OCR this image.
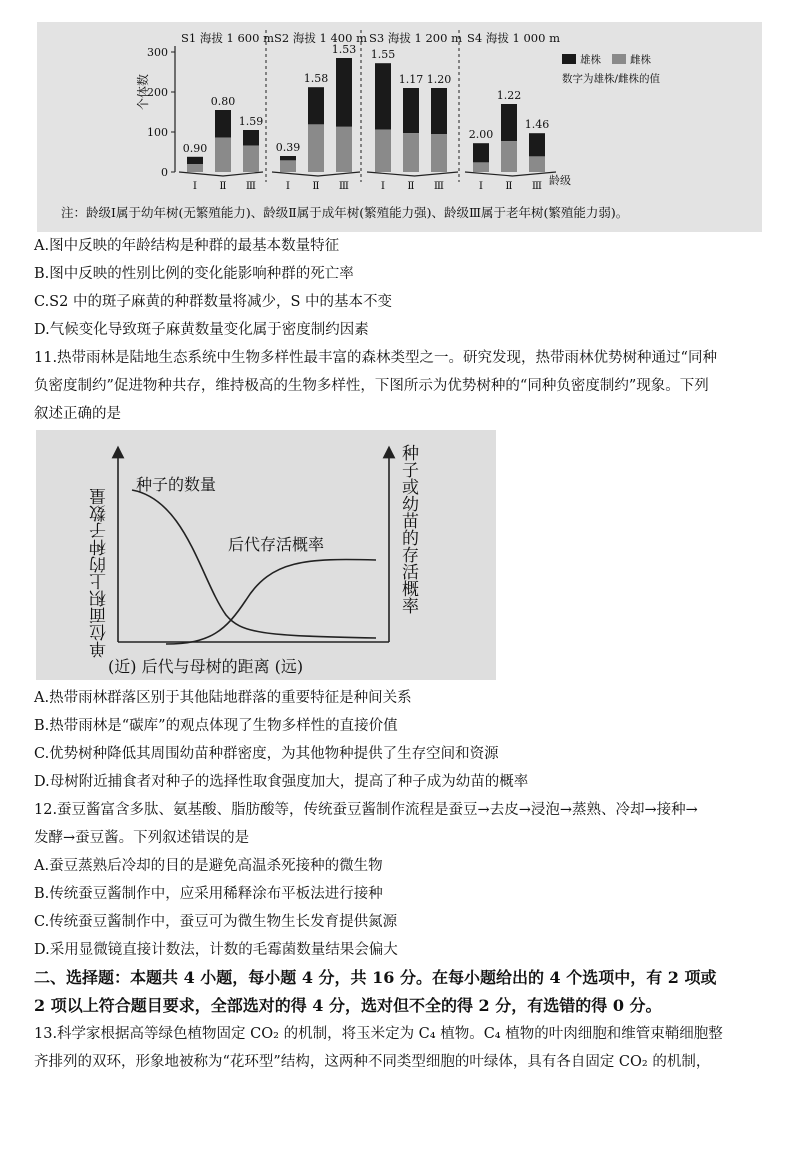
个体数
龄级
雄株	雌株
数字为雄株/雌株的值
注：龄级Ⅰ属于幼年树(无繁殖能力)、龄级Ⅱ属于成年树(繁殖能力强)、龄级Ⅲ属于老年树(繁殖能力弱)。
0
100
200
300
S1 海拔 1 600 m
0.90
Ⅰ
0.80
Ⅱ
1.59
Ⅲ
S2 海拔 1 400 m
0.39
Ⅰ
1.58
Ⅱ
1.53
Ⅲ
S3 海拔 1 200 m
1.55
Ⅰ
1.17
Ⅱ
1.20
Ⅲ
S4 海拔 1 000 m
2.00
Ⅰ
1.22
Ⅱ
1.46
Ⅲ
A.图中反映的年龄结构是种群的最基本数量特征
B.图中反映的性别比例的变化能影响种群的死亡率
C.S2 中的斑子麻黄的种群数量将减少，S 中的基本不变
D.气候变化导致斑子麻黄数量变化属于密度制约因素
11.热带雨林是陆地生态系统中生物多样性最丰富的森林类型之一。研究发现，热带雨林优势树种通过“同种
负密度制约”促进物种共存，维持极高的生物多样性，下图所示为优势树种的“同种负密度制约”现象。下列
叙述正确的是
种子的数量
后代存活概率
(近) 后代与母树的距离 (远)
单位面积上的种子数量	种子或幼苗的存活概率
A.热带雨林群落区别于其他陆地群落的重要特征是种间关系
B.热带雨林是“碳库”的观点体现了生物多样性的直接价值
C.优势树种降低其周围幼苗种群密度，为其他物种提供了生存空间和资源
D.母树附近捕食者对种子的选择性取食强度加大，提高了种子成为幼苗的概率
12.蚕豆酱富含多肽、氨基酸、脂肪酸等，传统蚕豆酱制作流程是蚕豆→去皮→浸泡→蒸熟、冷却→接种→
发酵→蚕豆酱。下列叙述错误的是
A.蚕豆蒸熟后冷却的目的是避免高温杀死接种的微生物
B.传统蚕豆酱制作中，应采用稀释涂布平板法进行接种
C.传统蚕豆酱制作中，蚕豆可为微生物生长发育提供氮源
D.采用显微镜直接计数法，计数的毛霉菌数量结果会偏大
二、选择题：本题共 4 小题，每小题 4 分，共 16 分。在每小题给出的 4 个选项中，有 2 项或
2 项以上符合题目要求，全部选对的得 4 分，选对但不全的得 2 分，有选错的得 0 分。
13.科学家根据高等绿色植物固定 CO₂ 的机制，将玉米定为 C₄ 植物。C₄ 植物的叶肉细胞和维管束鞘细胞整
齐排列的双环，形象地被称为“花环型”结构，这两种不同类型细胞的叶绿体，具有各自固定 CO₂ 的机制，
